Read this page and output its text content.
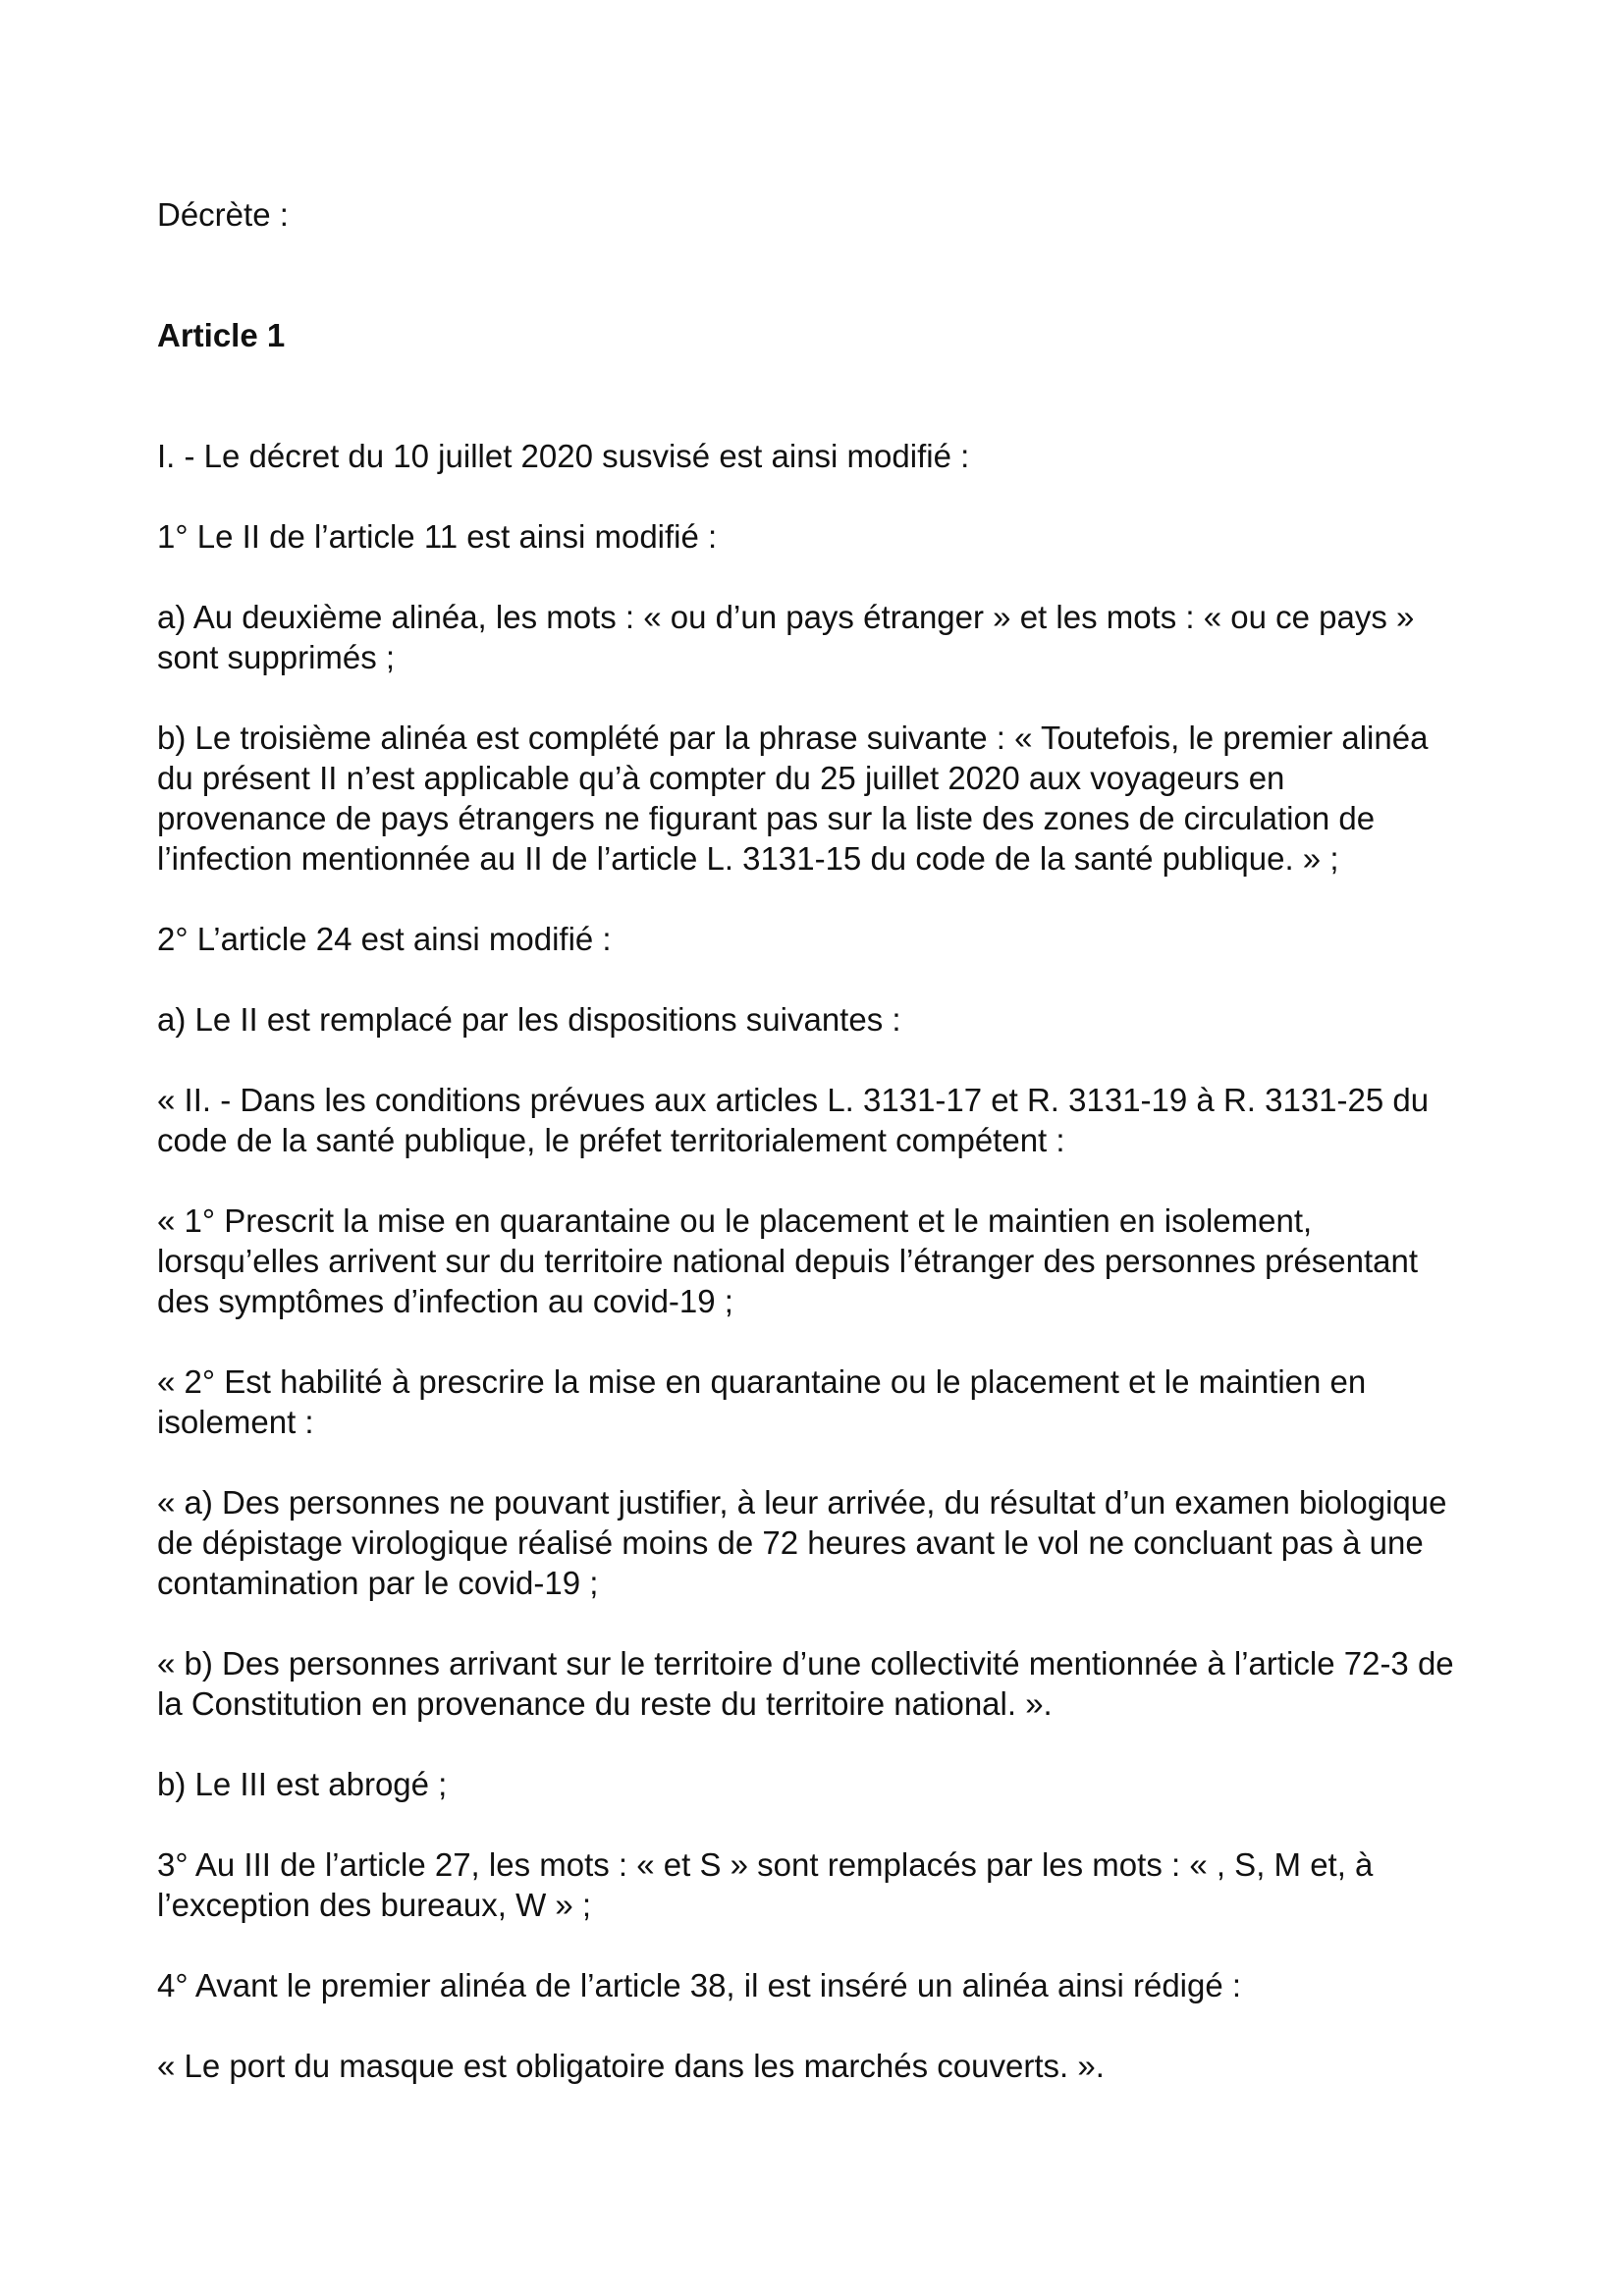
Décrète :

Article 1

I. - Le décret du 10 juillet 2020 susvisé est ainsi modifié :

1° Le II de l’article 11 est ainsi modifié :

a) Au deuxième alinéa, les mots : « ou d’un pays étranger » et les mots : « ou ce pays »
sont supprimés ;

b) Le troisième alinéa est complété par la phrase suivante : « Toutefois, le premier alinéa
du présent II n’est applicable qu’à compter du 25 juillet 2020 aux voyageurs en
provenance de pays étrangers ne figurant pas sur la liste des zones de circulation de
l’infection mentionnée au II de l’article L. 3131-15 du code de la santé publique. » ;

2° L’article 24 est ainsi modifié :

a) Le II est remplacé par les dispositions suivantes :

« II. - Dans les conditions prévues aux articles L. 3131-17 et R. 3131-19 à R. 3131-25 du
code de la santé publique, le préfet territorialement compétent :

« 1° Prescrit la mise en quarantaine ou le placement et le maintien en isolement,
lorsqu’elles arrivent sur du territoire national depuis l’étranger des personnes présentant
des symptômes d’infection au covid-19 ;

« 2° Est habilité à prescrire la mise en quarantaine ou le placement et le maintien en
isolement :

« a) Des personnes ne pouvant justifier, à leur arrivée, du résultat d’un examen biologique
de dépistage virologique réalisé moins de 72 heures avant le vol ne concluant pas à une
contamination par le covid-19 ;

« b) Des personnes arrivant sur le territoire d’une collectivité mentionnée à l’article 72-3 de
la Constitution en provenance du reste du territoire national. ».

b) Le III est abrogé ;

3° Au III de l’article 27, les mots : « et S » sont remplacés par les mots : « , S, M et, à
l’exception des bureaux, W » ;

4° Avant le premier alinéa de l’article 38, il est inséré un alinéa ainsi rédigé :

« Le port du masque est obligatoire dans les marchés couverts. ».
